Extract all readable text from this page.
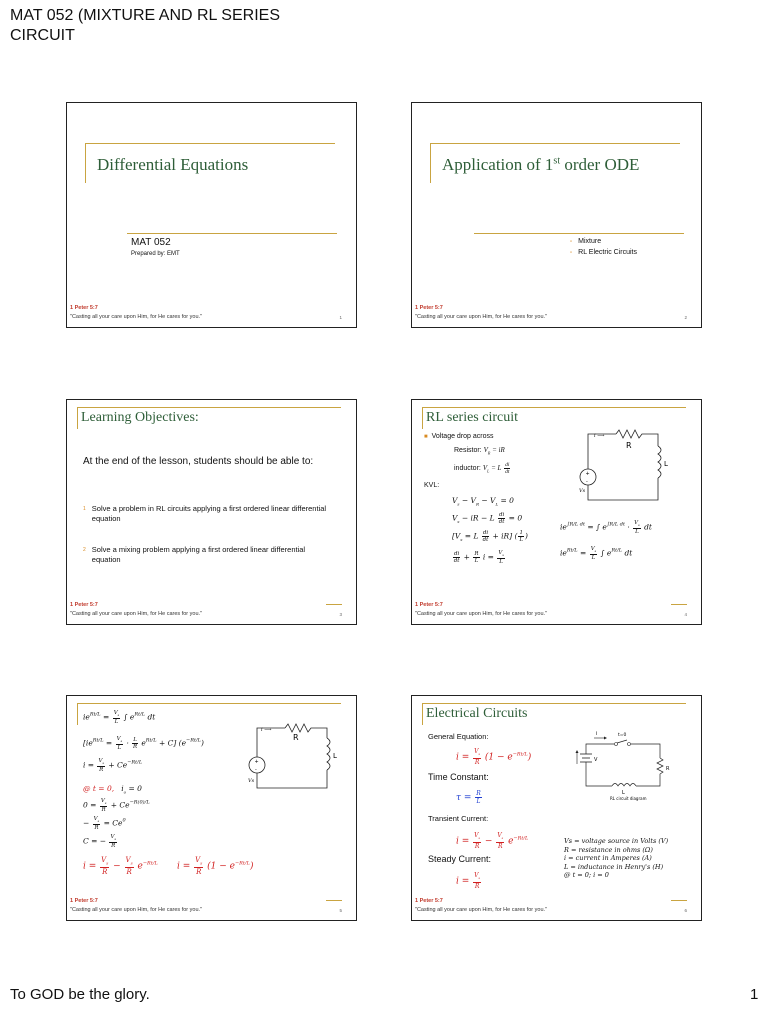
MAT 052 (MIXTURE AND RL SERIES
CIRCUIT
To GOD be the glory.	1
Differential Equations
MAT 052
Prepared by: EMT
1 Peter 5:7
"Casting all your care upon Him, for He cares for you."	1
Application of 1st order ODE
▫ Mixture
▫ RL Electric Circuits
1 Peter 5:7
"Casting all your care upon Him, for He cares for you."	2
Learning Objectives:
At the end of the lesson, students should be able to:
1 Solve a problem in RL circuits applying a first ordered linear differential equation
2 Solve a mixing problem applying a first ordered linear differential equation
1 Peter 5:7
"Casting all your care upon Him, for He cares for you."	3
RL series circuit
■ Voltage drop across
Resistor: $V_R$ = iR
inductor: $V_L = L \frac{di}{dt}$
KVL:
$V_s - V_R - V_L = 0$
$V_s$ − iR − L $\frac{di}{dt} = 0$
$[V_s = L \frac{di}{dt} + iR]$ ( $\frac{1}{L}$ )
$\frac{di}{dt} + \frac{R}{L}$ $i = \frac{V_s}{L}$
$ie^{\int R/L dt}$ = ∫ $e^{\int R/L dt} \cdot \frac{V_s}{L}$ dt
$ie^{Rt/L} = \frac{V_s}{L}$ ∫ $e^{Rt/L}$ dt
+
-
i ⟶
R
L
Vs
1 Peter 5:7
"Casting all your care upon Him, for He cares for you."	4
$ie^{Rt/L} = \frac{V_s}{L}$ ∫ $e^{Rt/L}$ dt
$[ie^{Rt/L} = \frac{V_s}{L} \cdot \frac{L}{R} e^{Rt/L} + C]$ $(e^{-Rt/L})$
$i = \frac{V_s}{R} + Ce^{-Rt/L}$
@ t = 0,   $i_o = 0$
$0 = \frac{V_s}{R} + Ce^{-R(0)/L}$
− $\frac{V_s}{R} = Ce^0$
C = − $\frac{V_s}{R}$
$i = \frac{V_s}{R} - \frac{V_s}{R} e^{-Rt/L}$ $i = \frac{V_s}{R} (1 - e^{-Rt/L})$
+
-
i ⟶
R
L
Vs
1 Peter 5:7
"Casting all your care upon Him, for He cares for you."	5
Electrical Circuits
General Equation:
$i = \frac{V_s}{R} (1 - e^{-Rt/L})$
Time Constant:
$\tau = \frac{R}{L}$
Transient Current:
$i = \frac{V_s}{R} - \frac{V_s}{R} e^{-Rt/L}$
Steady Current:
$i = \frac{V_s}{R}$
i	t=0
V
R
L
RL circuit diagram
Vs = voltage source in Volts (V)
R = resistance in ohms (Ω)
i = current in Amperes (A)
L = inductance in Henry's (H)
@ t = 0; i = 0
1 Peter 5:7
"Casting all your care upon Him, for He cares for you."	6
